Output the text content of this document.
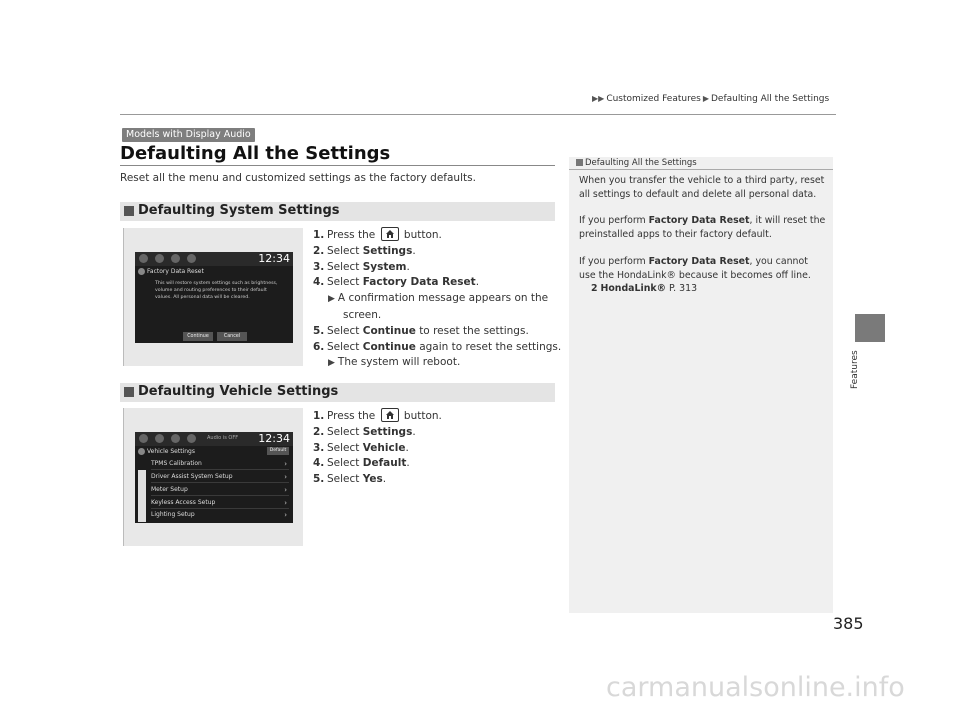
▶▶ Customized Features ▶ Defaulting All the Settings
Features
Models with Display Audio
Defaulting All the Settings
Reset all the menu and customized settings as the factory defaults.
Defaulting System Settings
12:34
Factory Data Reset
This will restore system settings such as brightness, volume and routing preferences to their default values. All personal data will be cleared.
Continue	Cancel
1. Press the	button.
2. Select Settings.
3. Select System.
4. Select Factory Data Reset.
▶ A confirmation message appears on the
screen.
5. Select Continue to reset the settings.
6. Select Continue again to reset the settings.
▶ The system will reboot.
Defaulting Vehicle Settings
Audio is OFF 12:34
Vehicle Settings	Default
TPMS Calibration	›
Driver Assist System Setup	›
Meter Setup	›
Keyless Access Setup	›
Lighting Setup	›
1. Press the	button.
2. Select Settings.
3. Select Vehicle.
4. Select Default.
5. Select Yes.
Defaulting All the Settings
When you transfer the vehicle to a third party, reset all settings to default and delete all personal data.
If you perform Factory Data Reset, it will reset the preinstalled apps to their factory default.
If you perform Factory Data Reset, you cannot use the HondaLink® because it becomes off line.
2 HondaLink® P. 313
385
carmanualsonline.info
